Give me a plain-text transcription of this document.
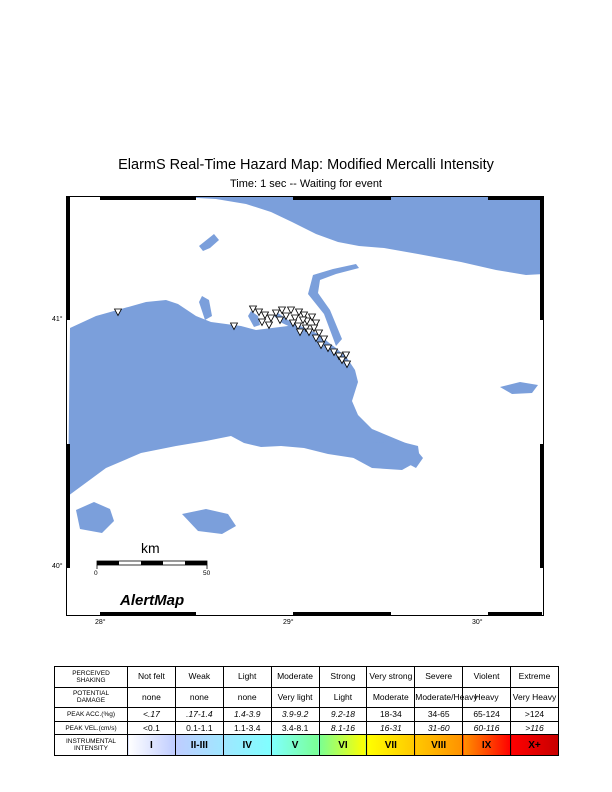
ElarmS Real-Time Hazard Map: Modified Mercalli Intensity
Time: 1 sec -- Waiting for event
41°
40°
28°	29°	30°
km
0	50
AlertMap
PERCEIVED
SHAKING	Not felt	Weak	Light	Moderate	Strong	Very strong	Severe	Violent	Extreme
POTENTIAL
DAMAGE	none	none	none	Very light	Light	Moderate	Moderate/Heavy	Heavy	Very Heavy
PEAK ACC.(%g)	<.17	.17-1.4	1.4-3.9	3.9-9.2	9.2-18	18-34	34-65	65-124	>124
PEAK VEL.(cm/s)	<0.1	0.1-1.1	1.1-3.4	3.4-8.1	8.1-16	16-31	31-60	60-116	>116
INSTRUMENTAL
INTENSITY	I	II-III	IV	V	VI	VII	VIII	IX	X+
